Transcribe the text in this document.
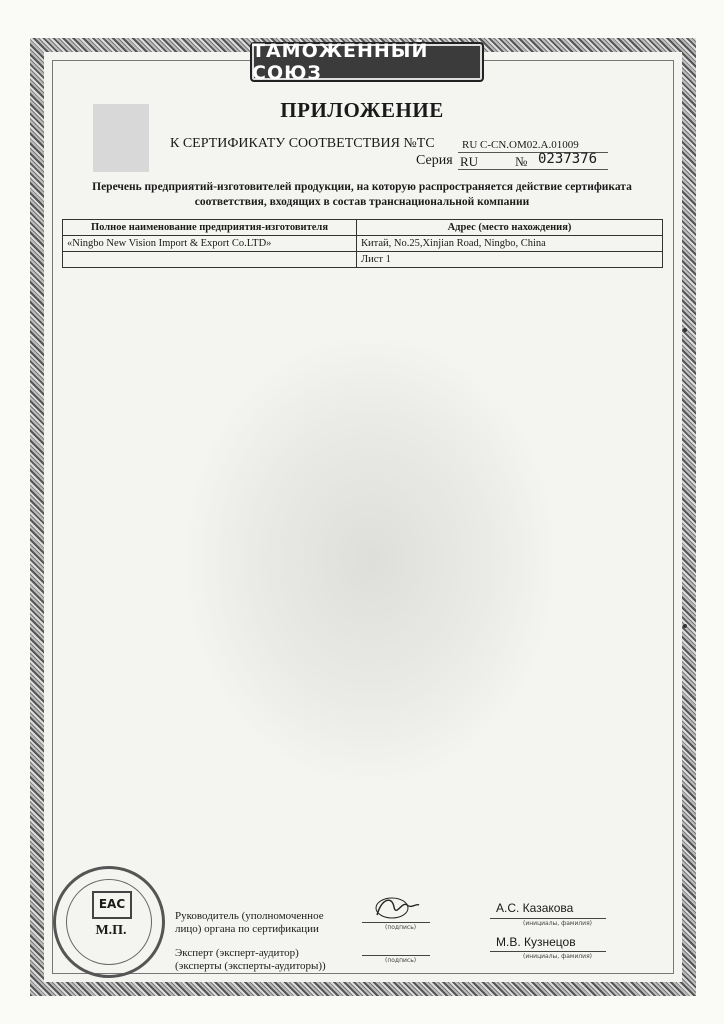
ТАМОЖЕННЫЙ СОЮЗ
ПРИЛОЖЕНИЕ
К СЕРТИФИКАТУ СООТВЕТСТВИЯ №ТС RU C-CN.OM02.A.01009
Серия RU	№ 0237376
Перечень предприятий-изготовителей продукции, на которую распространяется действие сертификата
соответствия, входящих в состав транснациональной компании
Полное наименование предприятия-изготовителя	Адрес (место нахождения)
«Ningbo New Vision Import & Export Co.LTD»	Китай, No.25,Xinjian Road, Ningbo, China
	Лист 1
ЕАС
М.П.
Руководитель (уполномоченное
лицо) органа по сертификации
Эксперт (эксперт-аудитор)
(эксперты (эксперты-аудиторы))
(подпись)
А.С. Казакова
(инициалы, фамилия)
(подпись)
М.В. Кузнецов
(инициалы, фамилия)
